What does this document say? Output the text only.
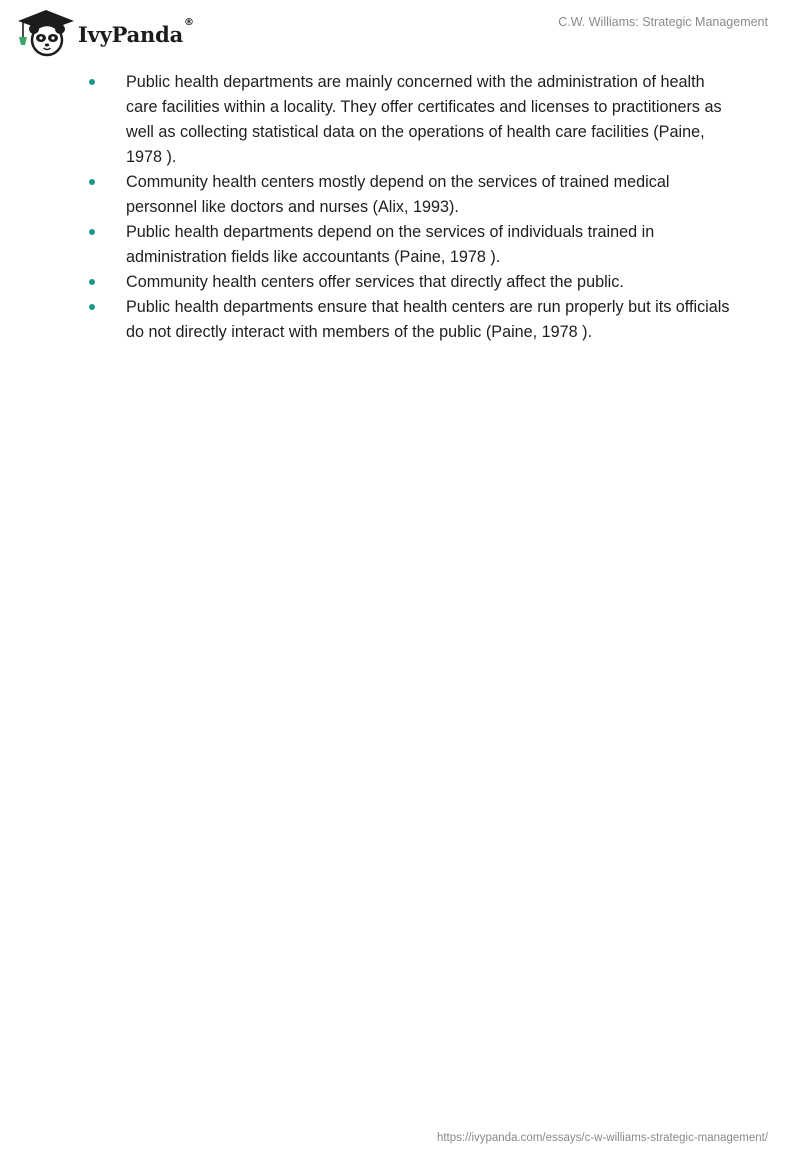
IvyPanda ®	C.W. Williams: Strategic Management
Public health departments are mainly concerned with the administration of health care facilities within a locality. They offer certificates and licenses to practitioners as well as collecting statistical data on the operations of health care facilities (Paine, 1978 ).
Community health centers mostly depend on the services of trained medical personnel like doctors and nurses (Alix, 1993).
Public health departments depend on the services of individuals trained in administration fields like accountants (Paine, 1978 ).
Community health centers offer services that directly affect the public.
Public health departments ensure that health centers are run properly but its officials do not directly interact with members of the public (Paine, 1978 ).
https://ivypanda.com/essays/c-w-williams-strategic-management/
